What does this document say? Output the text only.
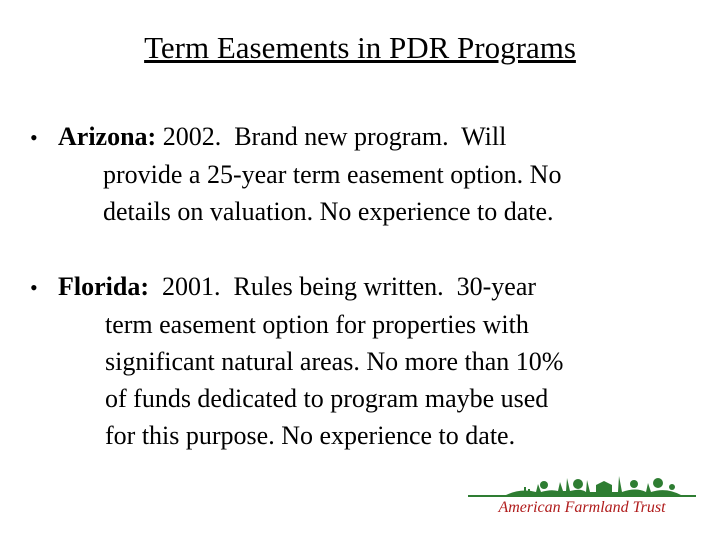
Term Easements in PDR Programs
• Arizona: 2002.  Brand new program.  Will
provide a 25-year term easement option. No
details on valuation. No experience to date.
• Florida:  2001.  Rules being written.  30-year
term easement option for properties with
significant natural areas. No more than 10%
of funds dedicated to program maybe used
for this purpose. No experience to date.
American Farmland Trust
